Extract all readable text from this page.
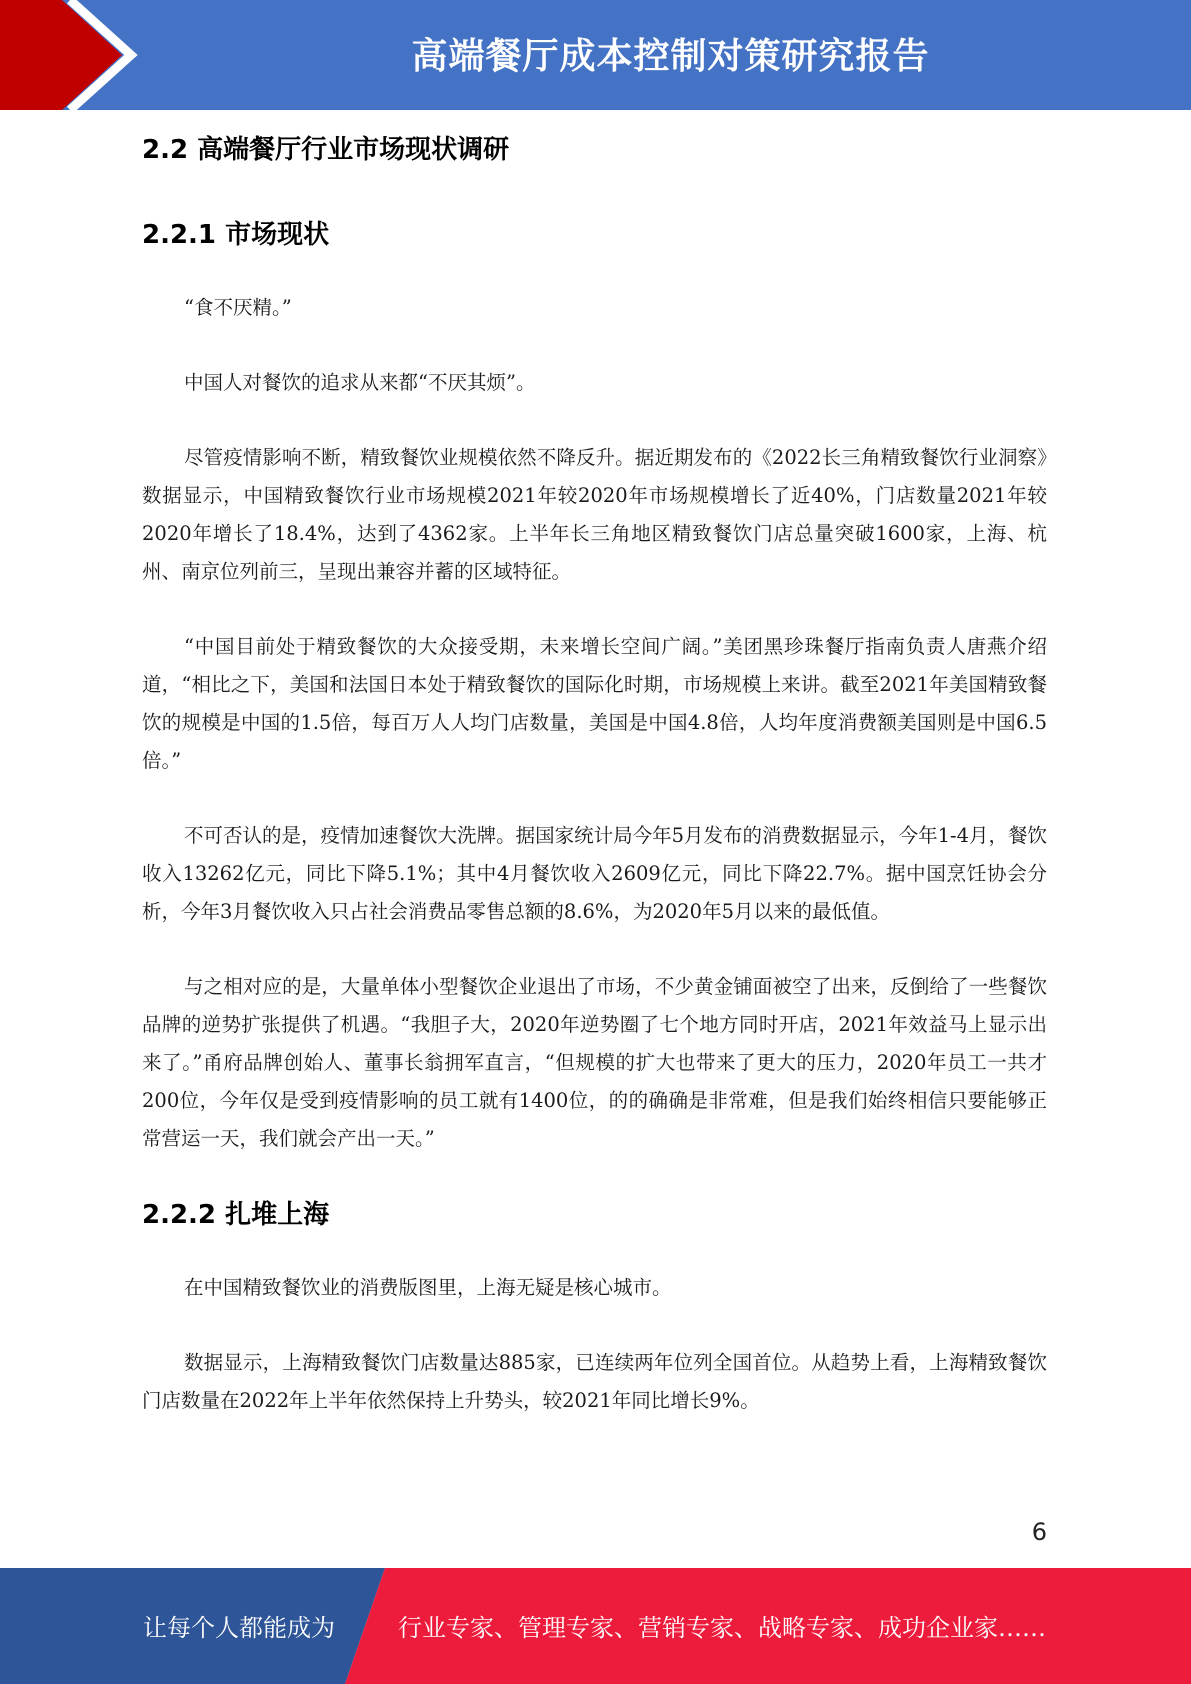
高端餐厅成本控制对策研究报告
2.2 高端餐厅行业市场现状调研
2.2.1 市场现状

“食不厌精。”

中国人对餐饮的追求从来都“不厌其烦”。

尽管疫情影响不断，精致餐饮业规模依然不降反升。据近期发布的《2022长三角精致餐饮行业洞察》数据显示，中国精致餐饮行业市场规模2021年较2020年市场规模增长了近40%，门店数量2021年较2020年增长了18.4%，达到了4362家。上半年长三角地区精致餐饮门店总量突破1600家，上海、杭州、南京位列前三，呈现出兼容并蓄的区域特征。

“中国目前处于精致餐饮的大众接受期，未来增长空间广阔。”美团黑珍珠餐厅指南负责人唐燕介绍道，“相比之下，美国和法国日本处于精致餐饮的国际化时期，市场规模上来讲。截至2021年美国精致餐饮的规模是中国的1.5倍，每百万人人均门店数量，美国是中国4.8倍，人均年度消费额美国则是中国6.5倍。”

不可否认的是，疫情加速餐饮大洗牌。据国家统计局今年5月发布的消费数据显示，今年1-4月，餐饮收入13262亿元，同比下降5.1%；其中4月餐饮收入2609亿元，同比下降22.7%。据中国烹饪协会分析，今年3月餐饮收入只占社会消费品零售总额的8.6%，为2020年5月以来的最低值。

与之相对应的是，大量单体小型餐饮企业退出了市场，不少黄金铺面被空了出来，反倒给了一些餐饮品牌的逆势扩张提供了机遇。“我胆子大，2020年逆势圈了七个地方同时开店，2021年效益马上显示出来了。”甬府品牌创始人、董事长翁拥军直言，“但规模的扩大也带来了更大的压力，2020年员工一共才200位，今年仅是受到疫情影响的员工就有1400位，的的确确是非常难，但是我们始终相信只要能够正常营运一天，我们就会产出一天。”

2.2.2 扎堆上海

在中国精致餐饮业的消费版图里，上海无疑是核心城市。

数据显示，上海精致餐饮门店数量达885家，已连续两年位列全国首位。从趋势上看，上海精致餐饮门店数量在2022年上半年依然保持上升势头，较2021年同比增长9%。

6
让每个人都能成为	行业专家、管理专家、营销专家、战略专家、成功企业家……
